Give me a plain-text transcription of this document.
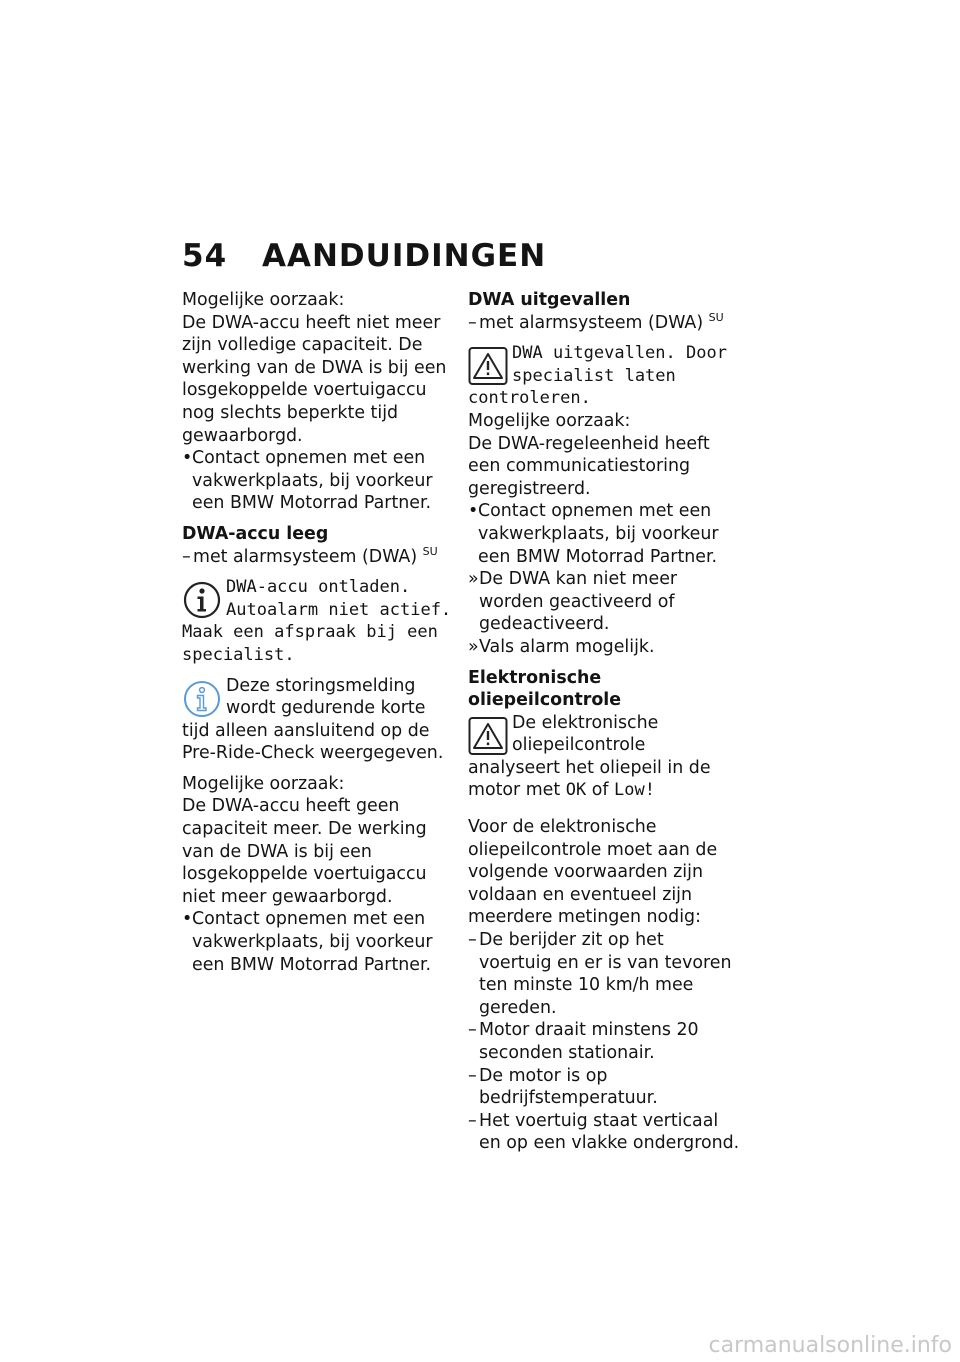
54 AANDUIDINGEN

Mogelijke oorzaak:

De DWA-accu heeft niet meer zijn volledige capaciteit. De werking van de DWA is bij een losgekoppelde voertuigaccu nog slechts beperkte tijd gewaarborgd.

• Contact opnemen met een vakwerkplaats, bij voorkeur een BMW Motorrad Partner.

DWA-accu leeg

– met alarmsysteem (DWA) $^{SU}$

DWA-accu ontladen. Autoalarm niet actief. Maak een afspraak bij een specialist.

Deze storingsmelding wordt gedurende korte tijd alleen aansluitend op de Pre-Ride-Check weergegeven.

Mogelijke oorzaak:

De DWA-accu heeft geen capaciteit meer. De werking van de DWA is bij een losgekoppelde voertuigaccu niet meer gewaarborgd.

• Contact opnemen met een vakwerkplaats, bij voorkeur een BMW Motorrad Partner.

DWA uitgevallen

– met alarmsysteem (DWA) $^{SU}$

DWA uitgevallen. Door specialist laten controleren.

Mogelijke oorzaak:

De DWA-regeleenheid heeft een communicatiestoring geregistreerd.

• Contact opnemen met een vakwerkplaats, bij voorkeur een BMW Motorrad Partner.
» De DWA kan niet meer worden geactiveerd of gedeactiveerd.
» Vals alarm mogelijk.

Elektronische oliepeilcontrole

De elektronische oliepeilcontrole analyseert het oliepeil in de motor met OK of Low!

Voor de elektronische oliepeilcontrole moet aan de volgende voorwaarden zijn voldaan en eventueel zijn meerdere metingen nodig:

– De berijder zit op het voertuig en er is van tevoren ten minste 10 km/h mee gereden.
– Motor draait minstens 20 seconden stationair.
– De motor is op bedrijfstemperatuur.
– Het voertuig staat verticaal en op een vlakke ondergrond.
carmanualsonline.info
